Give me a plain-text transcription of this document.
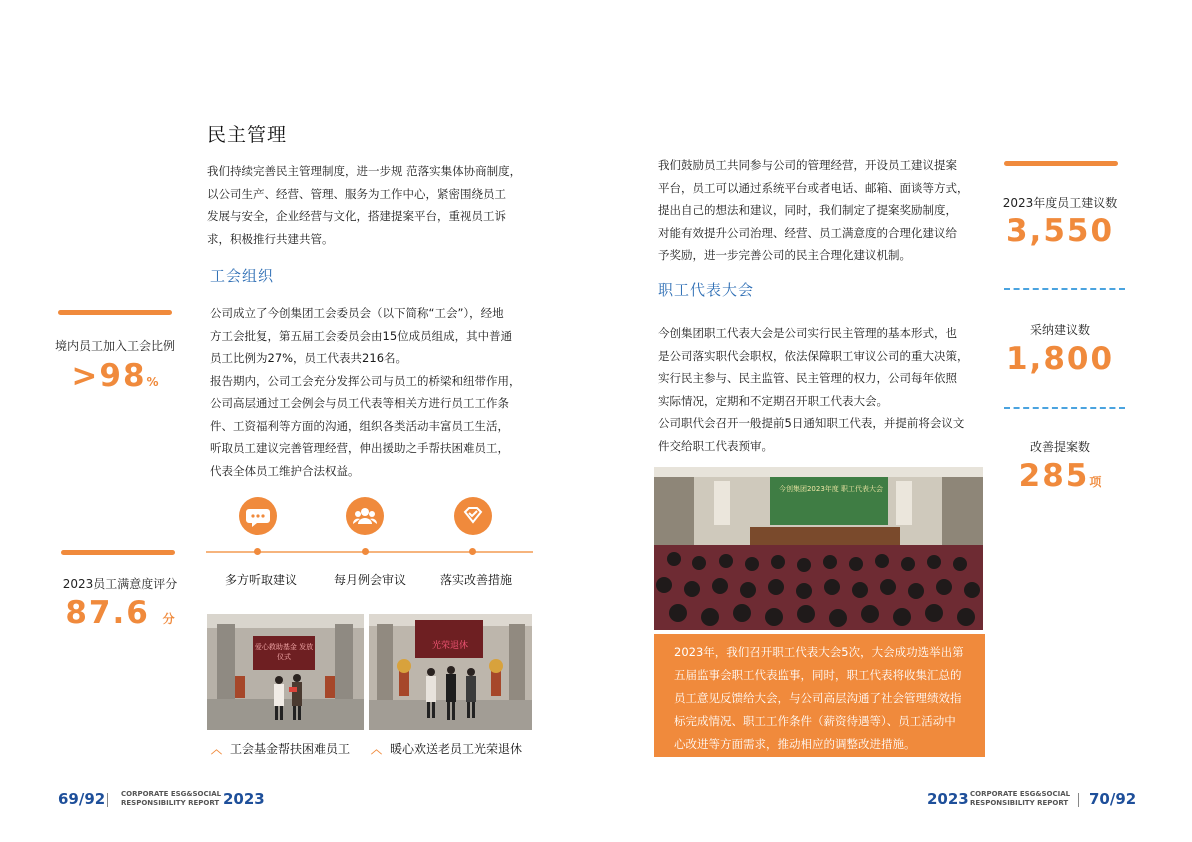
民主管理

我们持续完善民主管理制度，进一步规 范落实集体协商制度，

以公司生产、经营、管理、服务为工作中心，紧密围绕员工

发展与安全，企业经营与文化，搭建提案平台，重视员工诉

求，积极推行共建共管。

工会组织

公司成立了今创集团工会委员会（以下简称“工会”），经地

方工会批复，第五届工会委员会由15位成员组成，其中普通

员工比例为27%，员工代表共216名。

报告期内，公司工会充分发挥公司与员工的桥梁和纽带作用，

公司高层通过工会例会与员工代表等相关方进行员工工作条

件、工资福利等方面的沟通，组织各类活动丰富员工生活，

听取员工建议完善管理经营，伸出援助之手帮扶困难员工，

代表全体员工维护合法权益。

境内员工加入工会比例
>98%
2023员工满意度评分
87.6 分
多方听取建议	每月例会审议	落实改善措施
爱心救助基金 发放仪式
光荣退休
︿ 工会基金帮扶困难员工 ︿ 暖心欢送老员工光荣退休

我们鼓励员工共同参与公司的管理经营，开设员工建议提案

平台，员工可以通过系统平台或者电话、邮箱、面谈等方式，

提出自己的想法和建议，同时，我们制定了提案奖励制度，

对能有效提升公司治理、经营、员工满意度的合理化建议给

予奖励，进一步完善公司的民主合理化建议机制。

职工代表大会

今创集团职工代表大会是公司实行民主管理的基本形式，也

是公司落实职代会职权，依法保障职工审议公司的重大决策，

实行民主参与、民主监管、民主管理的权力，公司每年依照

实际情况，定期和不定期召开职工代表大会。

公司职代会召开一般提前5日通知职工代表，并提前将会议文

件交给职工代表预审。

今创集团2023年度 职工代表大会
2023年，我们召开职工代表大会5次，大会成功选举出第
五届监事会职工代表监事，同时，职工代表将收集汇总的
员工意见反馈给大会，与公司高层沟通了社会管理绩效指
标完成情况、职工工作条件（薪资待遇等）、员工活动中
心改进等方面需求，推动相应的调整改进措施。
2023年度员工建议数
3,550
采纳建议数
1,800
改善提案数
285项
69/92 CORPORATE ESG&SOCIAL
RESPONSIBILITY REPORT 2023	2023 CORPORATE ESG&SOCIAL
RESPONSIBILITY REPORT 70/92
